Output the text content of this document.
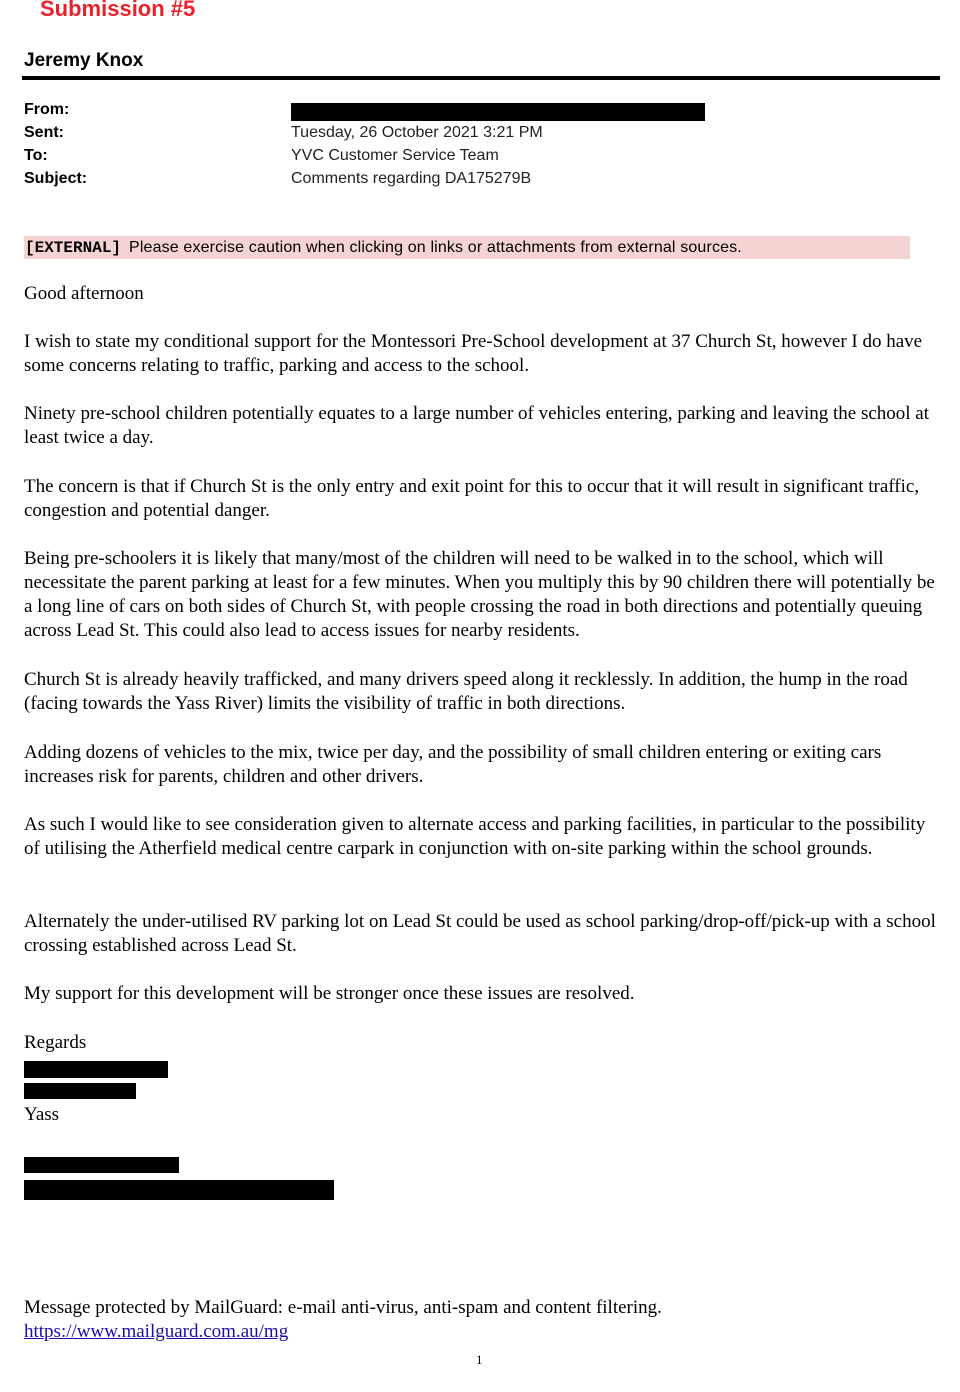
Submission #5
Jeremy Knox
From:
Sent:	Tuesday, 26 October 2021 3:21 PM
To:	YVC Customer Service Team
Subject:	Comments regarding DA175279B
[EXTERNAL] Please exercise caution when clicking on links or attachments from external sources.
Good afternoon

I wish to state my conditional support for the Montessori Pre-School development at 37 Church St, however I do have some concerns relating to traffic, parking and access to the school.

Ninety pre-school children potentially equates to a large number of vehicles entering, parking and leaving the school at least twice a day.

The concern is that if Church St is the only entry and exit point for this to occur that it will result in significant traffic, congestion and potential danger.

Being pre-schoolers it is likely that many/most of the children will need to be walked in to the school, which will necessitate the parent parking at least for a few minutes. When you multiply this by 90 children there will potentially be a long line of cars on both sides of Church St, with people crossing the road in both directions and potentially queuing across Lead St. This could also lead to access issues for nearby residents.

Church St is already heavily trafficked, and many drivers speed along it recklessly. In addition, the hump in the road (facing towards the Yass River) limits the visibility of traffic in both directions.

Adding dozens of vehicles to the mix, twice per day, and the possibility of small children entering or exiting cars increases risk for parents, children and other drivers.

As such I would like to see consideration given to alternate access and parking facilities, in particular to the possibility of utilising the Atherfield medical centre carpark in conjunction with on-site parking within the school grounds.

Alternately the under-utilised RV parking lot on Lead St could be used as school parking/drop-off/pick-up with a school crossing established across Lead St.

My support for this development will be stronger once these issues are resolved.

Regards
Yass
Message protected by MailGuard: e-mail anti-virus, anti-spam and content filtering.
https://www.mailguard.com.au/mg
1
